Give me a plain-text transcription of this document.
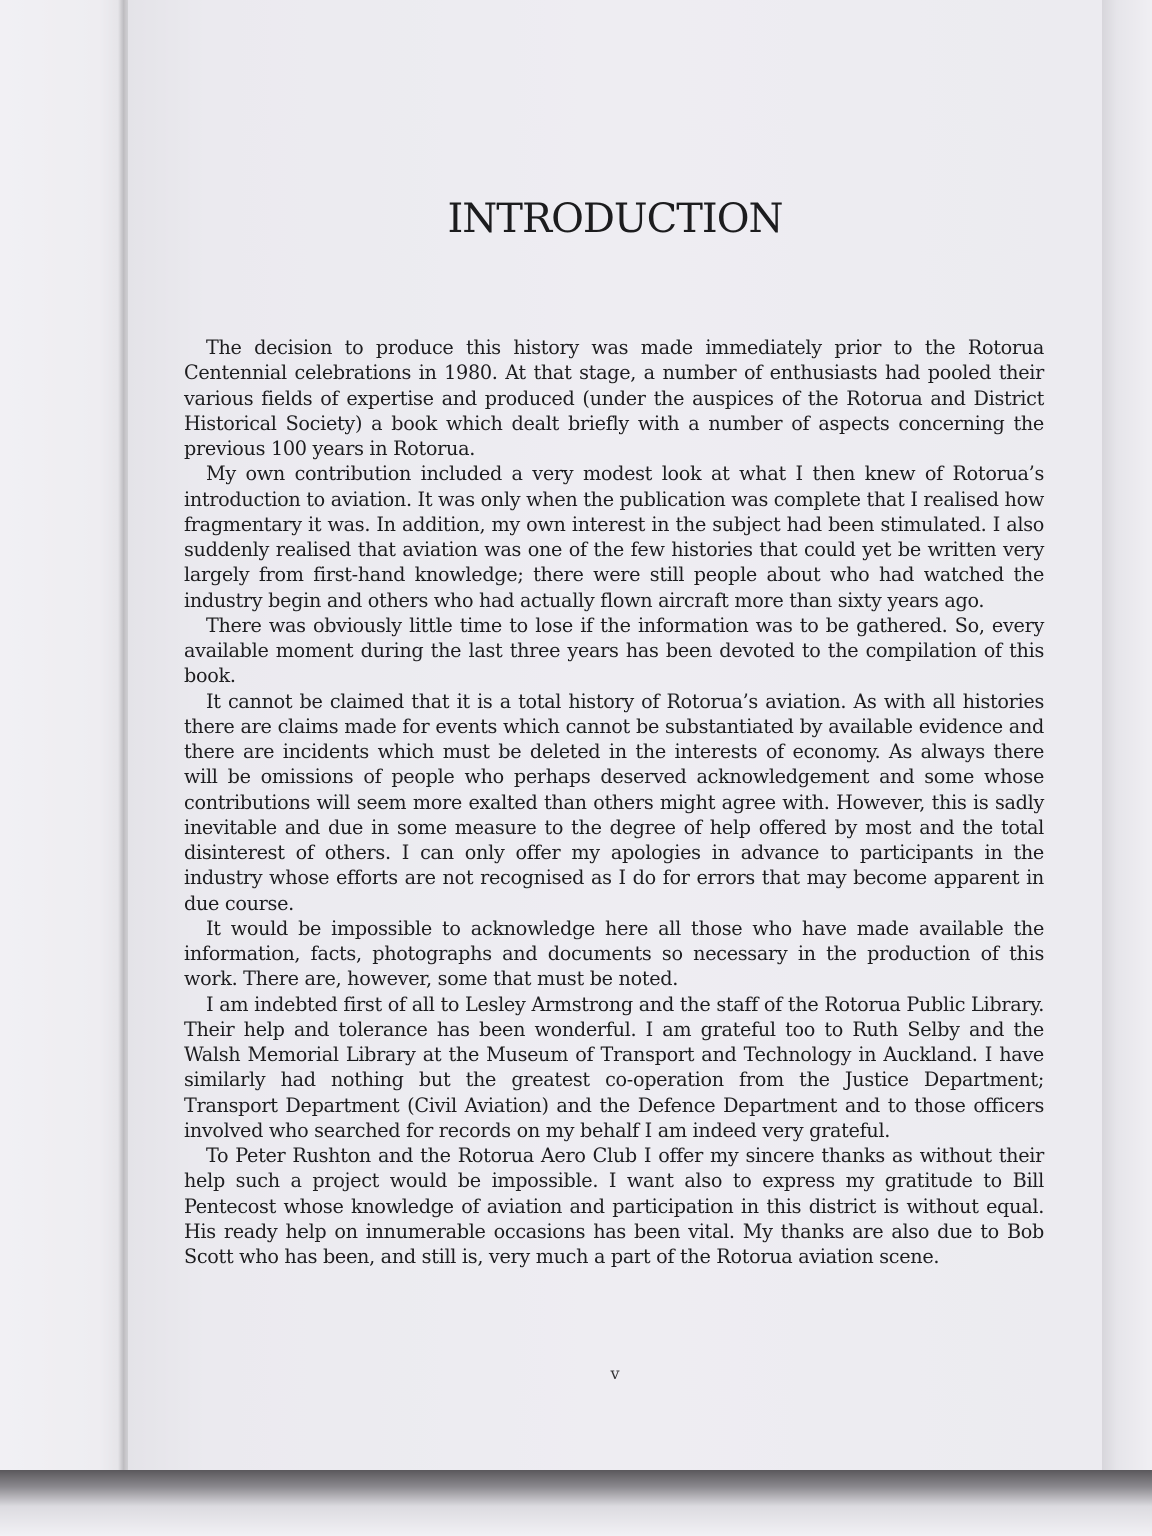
INTRODUCTION

The decision to produce this history was made immediately prior to the Rotorua Centennial celebrations in 1980. At that stage, a number of enthusiasts had pooled their various fields of expertise and produced (under the auspices of the Rotorua and District Historical Society) a book which dealt briefly with a number of aspects concerning the previous 100 years in Rotorua.

My own contribution included a very modest look at what I then knew of Rotorua’s introduction to aviation. It was only when the publication was complete that I realised how fragmentary it was. In addition, my own interest in the subject had been stimulated. I also suddenly realised that aviation was one of the few histories that could yet be written very largely from first-hand knowledge; there were still people about who had watched the industry begin and others who had actually flown aircraft more than sixty years ago.

There was obviously little time to lose if the information was to be gathered. So, every available moment during the last three years has been devoted to the compilation of this book.

It cannot be claimed that it is a total history of Rotorua’s aviation. As with all histories there are claims made for events which cannot be substantiated by available evidence and there are incidents which must be deleted in the interests of economy. As always there will be omissions of people who perhaps deserved acknowledgement and some whose contributions will seem more exalted than others might agree with. However, this is sadly inevitable and due in some measure to the degree of help offered by most and the total disinterest of others. I can only offer my apologies in advance to participants in the industry whose efforts are not recognised as I do for errors that may become apparent in due course.

It would be impossible to acknowledge here all those who have made available the information, facts, photographs and documents so necessary in the production of this work. There are, however, some that must be noted.

I am indebted first of all to Lesley Armstrong and the staff of the Rotorua Public Library. Their help and tolerance has been wonderful. I am grateful too to Ruth Selby and the Walsh Memorial Library at the Museum of Transport and Technology in Auckland. I have similarly had nothing but the greatest co-operation from the Justice Department; Transport Department (Civil Aviation) and the Defence Department and to those officers involved who searched for records on my behalf I am indeed very grateful.

To Peter Rushton and the Rotorua Aero Club I offer my sincere thanks as without their help such a project would be impossible. I want also to express my gratitude to Bill Pentecost whose knowledge of aviation and participation in this district is without equal. His ready help on innumerable occasions has been vital. My thanks are also due to Bob Scott who has been, and still is, very much a part of the Rotorua aviation scene.

v
